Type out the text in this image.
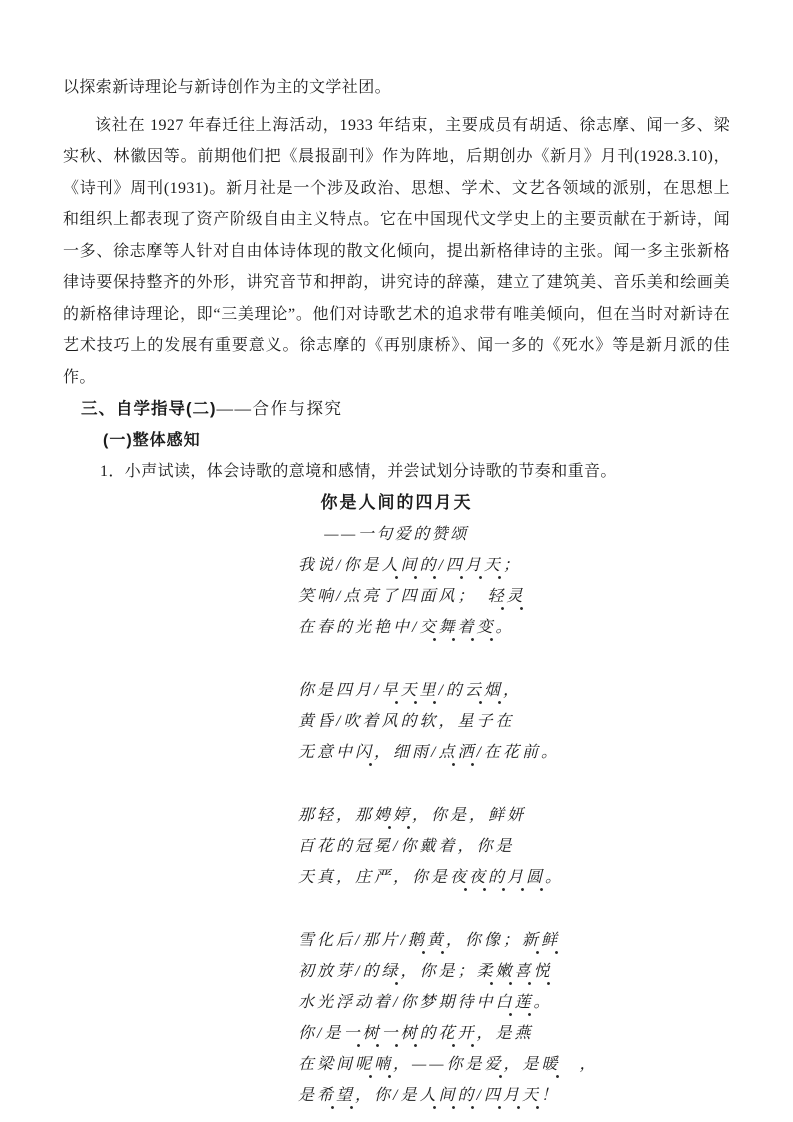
以探索新诗理论与新诗创作为主的文学社团。

该社在 1927 年春迁往上海活动，1933 年结束，主要成员有胡适、徐志摩、闻一多、梁实秋、林徽因等。前期他们把《晨报副刊》作为阵地，后期创办《新月》月刊(1928.3.10)，《诗刊》周刊(1931)。新月社是一个涉及政治、思想、学术、文艺各领域的派别，在思想上和组织上都表现了资产阶级自由主义特点。它在中国现代文学史上的主要贡献在于新诗，闻一多、徐志摩等人针对自由体诗体现的散文化倾向，提出新格律诗的主张。闻一多主张新格律诗要保持整齐的外形，讲究音节和押韵，讲究诗的辞藻，建立了建筑美、音乐美和绘画美的新格律诗理论，即“三美理论”。他们对诗歌艺术的追求带有唯美倾向，但在当时对新诗在艺术技巧上的发展有重要意义。徐志摩的《再别康桥》、闻一多的《死水》等是新月派的佳作。

三、自学指导(二)——合作与探究

(一)整体感知

1．小声试读，体会诗歌的意境和感情，并尝试划分诗歌的节奏和重音。

你是人间的四月天

——一句爱的赞颂

我说/你是人间的/四月天；
笑响/点亮了四面风；　轻灵
在春的光艳中/交舞着变。
你是四月/早天里/的云烟，
黄昏/吹着风的软，星子在
无意中闪，细雨/点洒/在花前。
那轻，那娉婷，你是，鲜妍
百花的冠冕/你戴着，你是
天真，庄严，你是夜夜的月圆。
雪化后/那片/鹅黄，你像；新鲜
初放芽/的绿，你是；柔嫩喜悦
水光浮动着/你梦期待中白莲。
你/是一树一树的花开，是燕
在梁间呢喃，——你是爱，是暖　，
是希望，你/是人间的/四月天！
